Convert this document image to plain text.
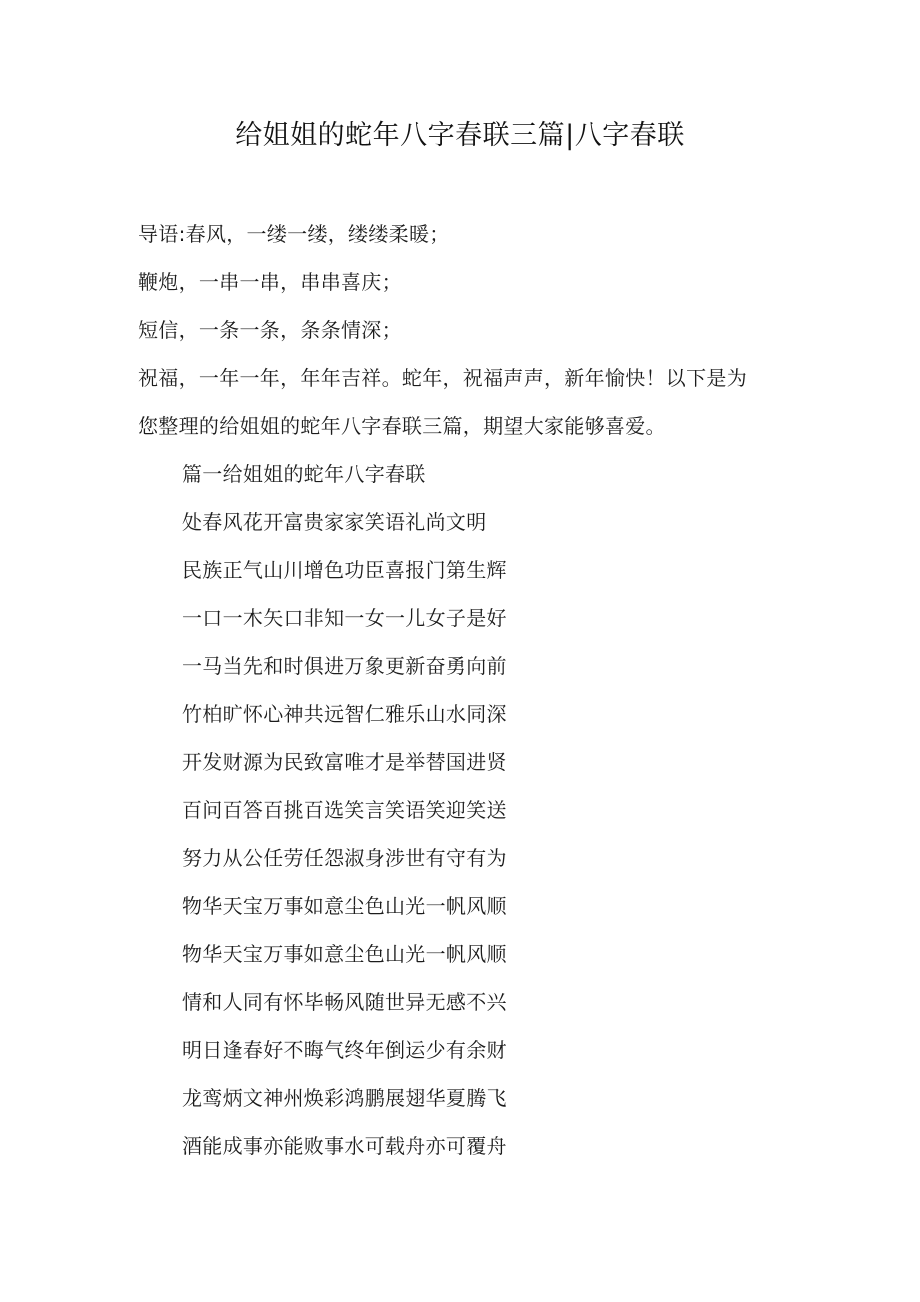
给姐姐的蛇年八字春联三篇|八字春联
导语:春风，一缕一缕，缕缕柔暖；
鞭炮，一串一串，串串喜庆；
短信，一条一条，条条情深；
祝福，一年一年，年年吉祥。蛇年，祝福声声，新年愉快！以下是为
您整理的给姐姐的蛇年八字春联三篇，期望大家能够喜爱。
篇一给姐姐的蛇年八字春联
处春风花开富贵家家笑语礼尚文明
民族正气山川增色功臣喜报门第生辉
一口一木矢口非知一女一儿女子是好
一马当先和时俱进万象更新奋勇向前
竹柏旷怀心神共远智仁雅乐山水同深
开发财源为民致富唯才是举替国进贤
百问百答百挑百选笑言笑语笑迎笑送
努力从公任劳任怨淑身涉世有守有为
物华天宝万事如意尘色山光一帆风顺
物华天宝万事如意尘色山光一帆风顺
情和人同有怀毕畅风随世异无感不兴
明日逢春好不晦气终年倒运少有余财
龙鸾炳文神州焕彩鸿鹏展翅华夏腾飞
酒能成事亦能败事水可载舟亦可覆舟
